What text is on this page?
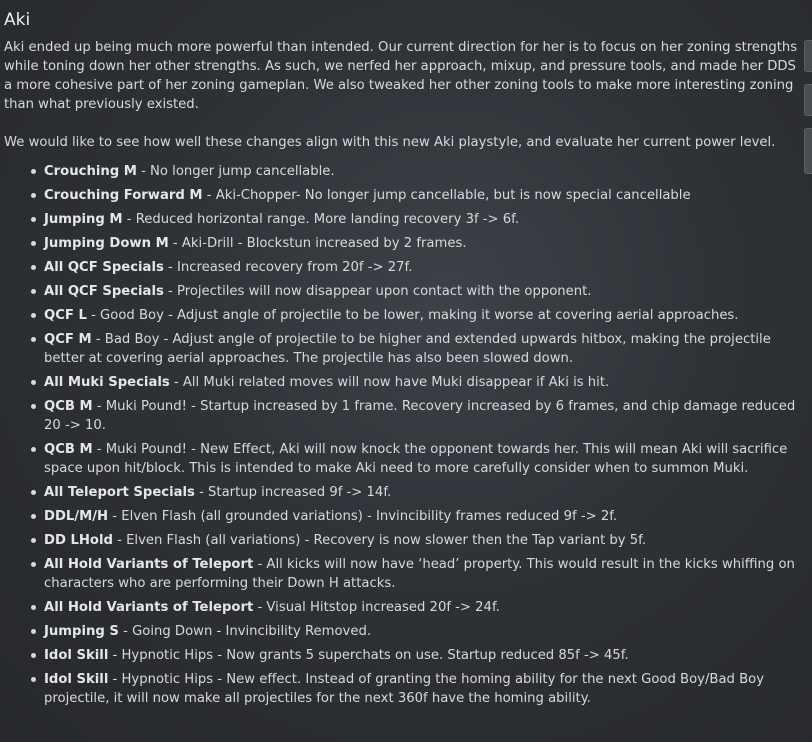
Aki

Aki ended up being much more powerful than intended. Our current direction for her is to focus on her zoning strengths while toning down her other strengths. As such, we nerfed her approach, mixup, and pressure tools, and made her DDS a more cohesive part of her zoning gameplan. We also tweaked her other zoning tools to make more interesting zoning than what previously existed.

We would like to see how well these changes align with this new Aki playstyle, and evaluate her current power level.

Crouching M - No longer jump cancellable.
Crouching Forward M - Aki-Chopper- No longer jump cancellable, but is now special cancellable
Jumping M - Reduced horizontal range. More landing recovery 3f -> 6f.
Jumping Down M - Aki-Drill - Blockstun increased by 2 frames.
All QCF Specials - Increased recovery from 20f -> 27f.
All QCF Specials - Projectiles will now disappear upon contact with the opponent.
QCF L - Good Boy - Adjust angle of projectile to be lower, making it worse at covering aerial approaches.
QCF M - Bad Boy - Adjust angle of projectile to be higher and extended upwards hitbox, making the projectile better at covering aerial approaches. The projectile has also been slowed down.
All Muki Specials - All Muki related moves will now have Muki disappear if Aki is hit.
QCB M - Muki Pound! - Startup increased by 1 frame. Recovery increased by 6 frames, and chip damage reduced 20 -> 10.
QCB M - Muki Pound! - New Effect, Aki will now knock the opponent towards her. This will mean Aki will sacrifice space upon hit/block. This is intended to make Aki need to more carefully consider when to summon Muki.
All Teleport Specials - Startup increased 9f -> 14f.
DDL/M/H - Elven Flash (all grounded variations) - Invincibility frames reduced 9f -> 2f.
DD LHold - Elven Flash (all variations) - Recovery is now slower then the Tap variant by 5f.
All Hold Variants of Teleport - All kicks will now have ‘head’ property. This would result in the kicks whiffing on characters who are performing their Down H attacks.
All Hold Variants of Teleport - Visual Hitstop increased 20f -> 24f.
Jumping S - Going Down - Invincibility Removed.
Idol Skill - Hypnotic Hips - Now grants 5 superchats on use. Startup reduced 85f -> 45f.
Idol Skill - Hypnotic Hips - New effect. Instead of granting the homing ability for the next Good Boy/Bad Boy projectile, it will now make all projectiles for the next 360f have the homing ability.
